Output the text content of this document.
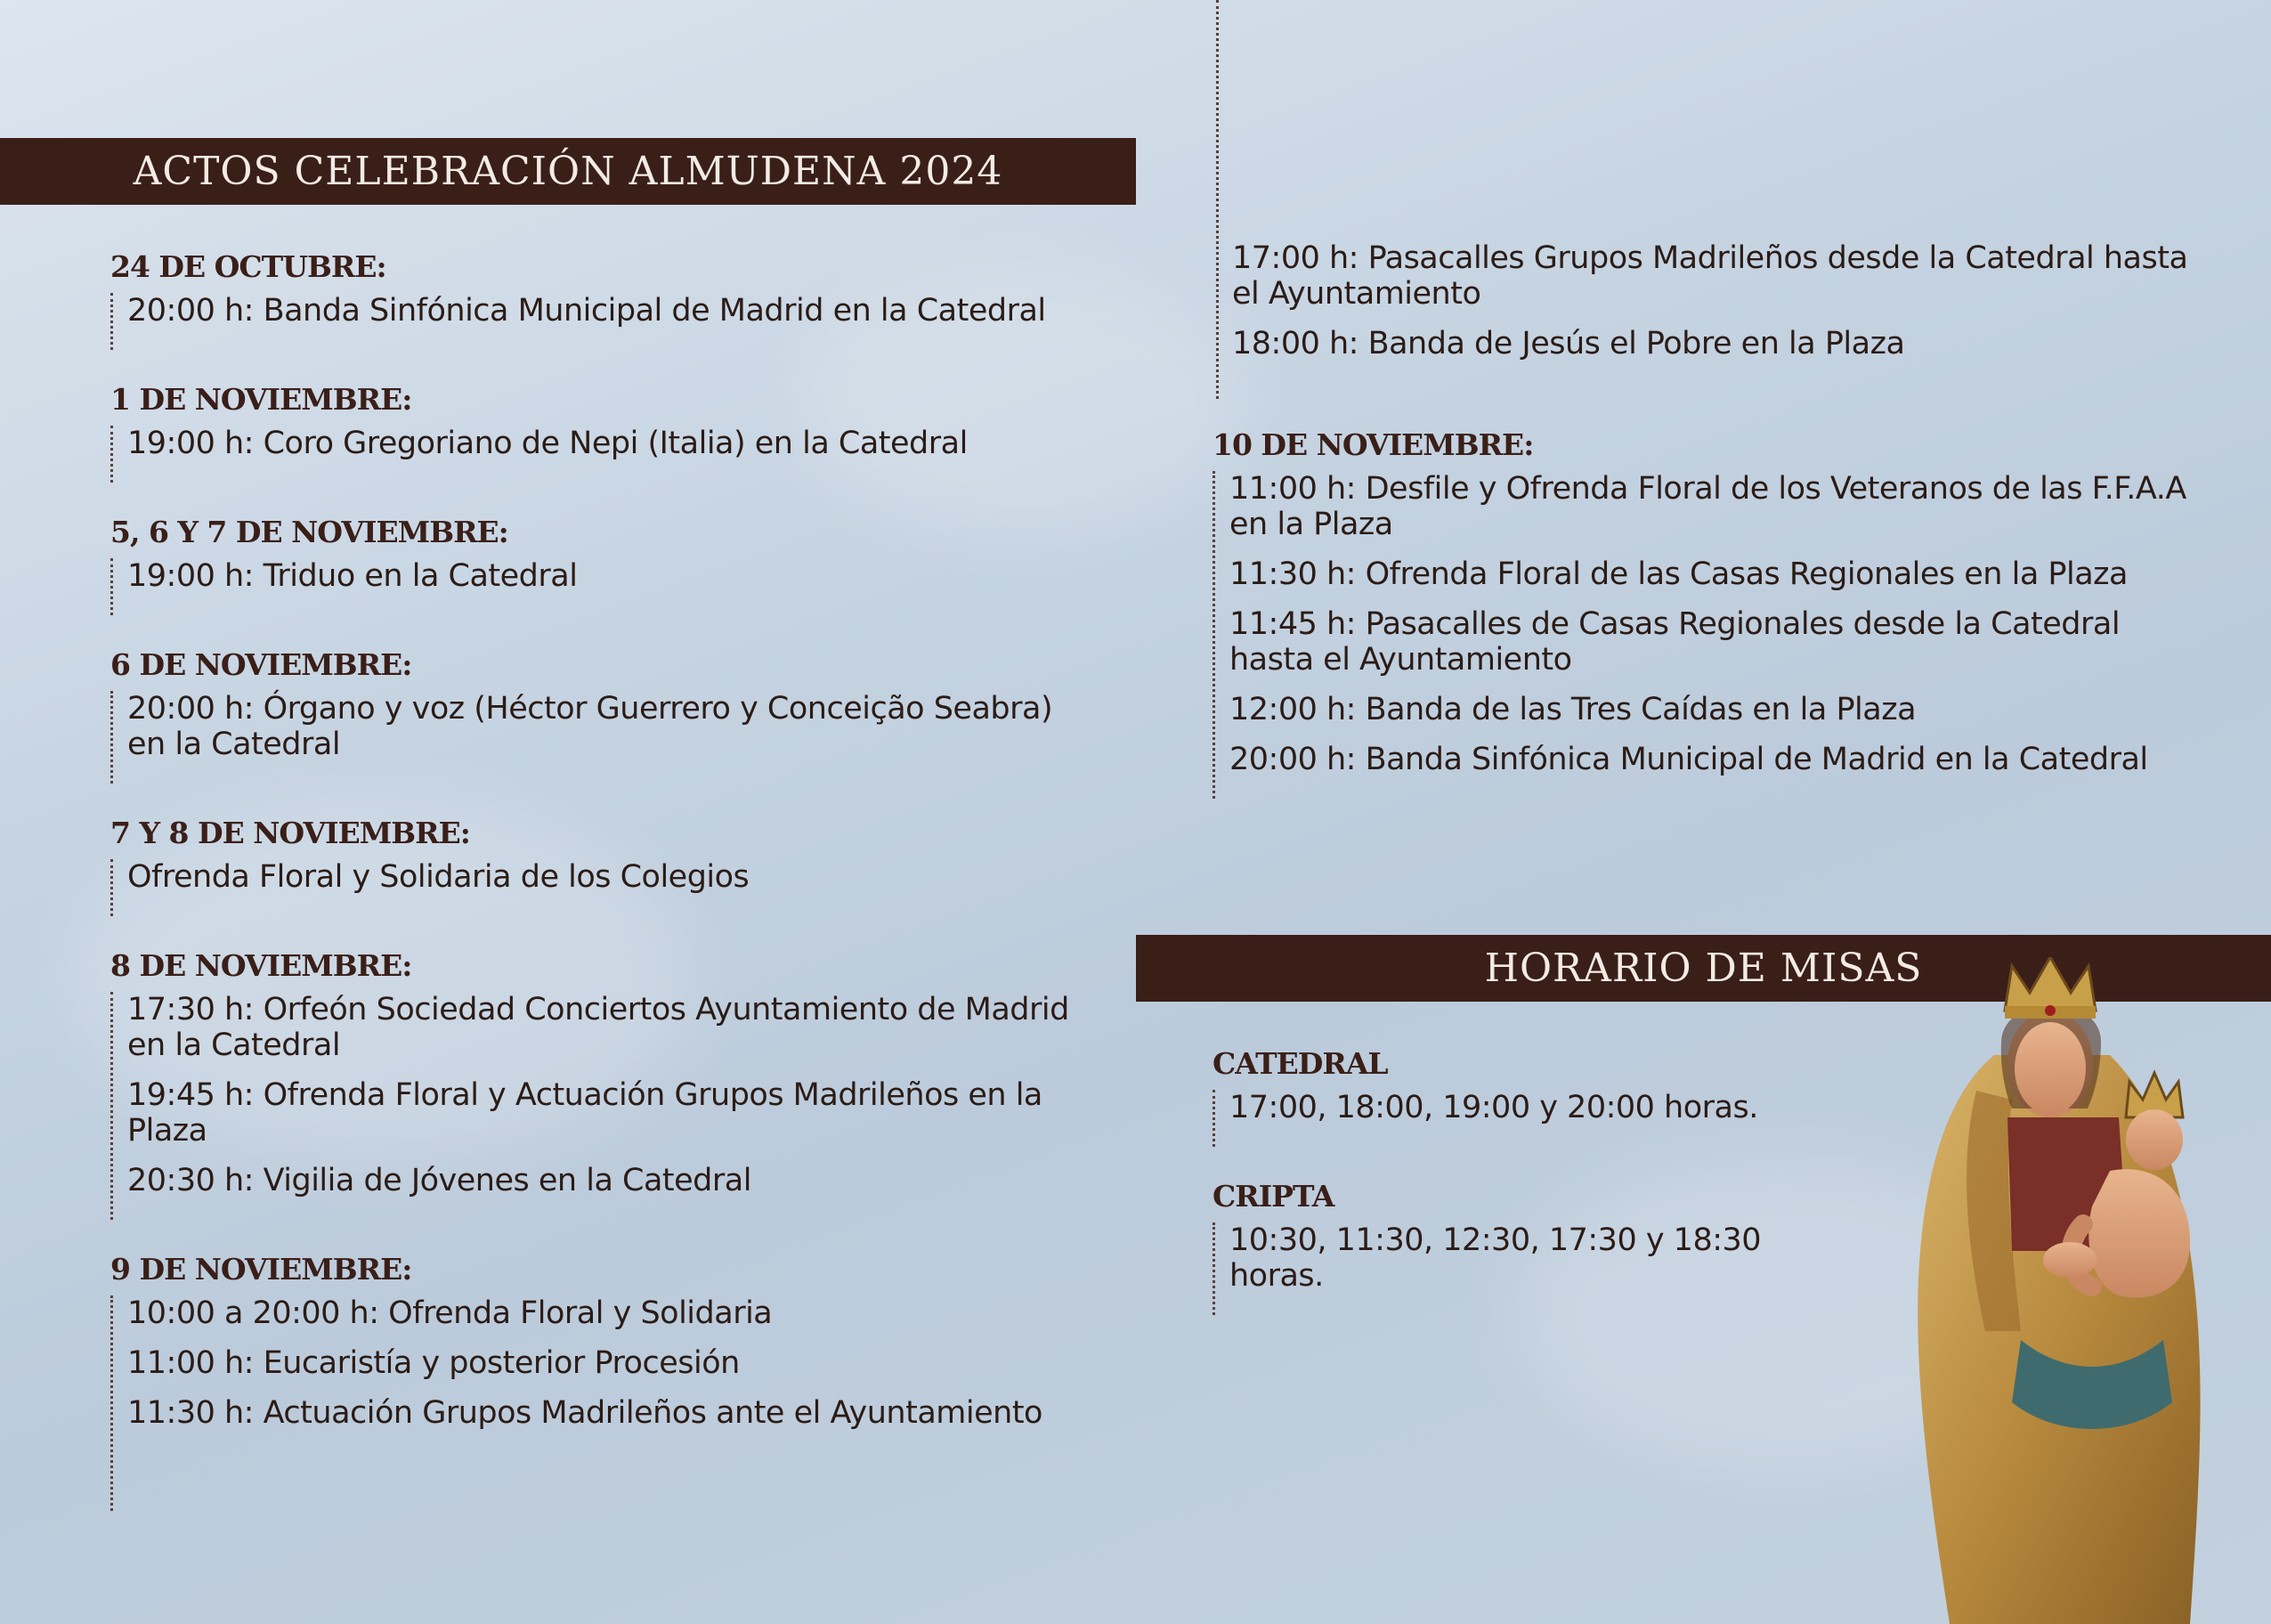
ACTOS CELEBRACIÓN ALMUDENA 2024
24 DE OCTUBRE:
20:00 h: Banda Sinfónica Municipal de Madrid en la Catedral
1 DE NOVIEMBRE:
19:00 h: Coro Gregoriano de Nepi (Italia) en la Catedral
5, 6 Y 7 DE NOVIEMBRE:
19:00 h: Triduo en la Catedral
6 DE NOVIEMBRE:
20:00 h: Órgano y voz (Héctor Guerrero y Conceição Seabra) en la Catedral
7 Y 8 DE NOVIEMBRE:
Ofrenda Floral y Solidaria de los Colegios
8 DE NOVIEMBRE:
17:30 h: Orfeón Sociedad Conciertos Ayuntamiento de Madrid en la Catedral
19:45 h: Ofrenda Floral y Actuación Grupos Madrileños en la Plaza
20:30 h: Vigilia de Jóvenes en la Catedral
9 DE NOVIEMBRE:
10:00 a 20:00 h: Ofrenda Floral y Solidaria
11:00 h: Eucaristía y posterior Procesión
11:30 h: Actuación Grupos Madrileños ante el Ayuntamiento
17:00 h: Pasacalles Grupos Madrileños desde la Catedral hasta el Ayuntamiento
18:00 h: Banda de Jesús el Pobre en la Plaza
10 DE NOVIEMBRE:
11:00 h: Desfile y Ofrenda Floral de los Veteranos de las F.F.A.A en la Plaza
11:30 h: Ofrenda Floral de las Casas Regionales en la Plaza
11:45 h: Pasacalles de Casas Regionales desde la Catedral hasta el Ayuntamiento
12:00 h: Banda de las Tres Caídas en la Plaza
20:00 h: Banda Sinfónica Municipal de Madrid en la Catedral
HORARIO DE MISAS
CATEDRAL
17:00, 18:00, 19:00 y 20:00 horas.
CRIPTA
10:30, 11:30, 12:30, 17:30 y 18:30 horas.
